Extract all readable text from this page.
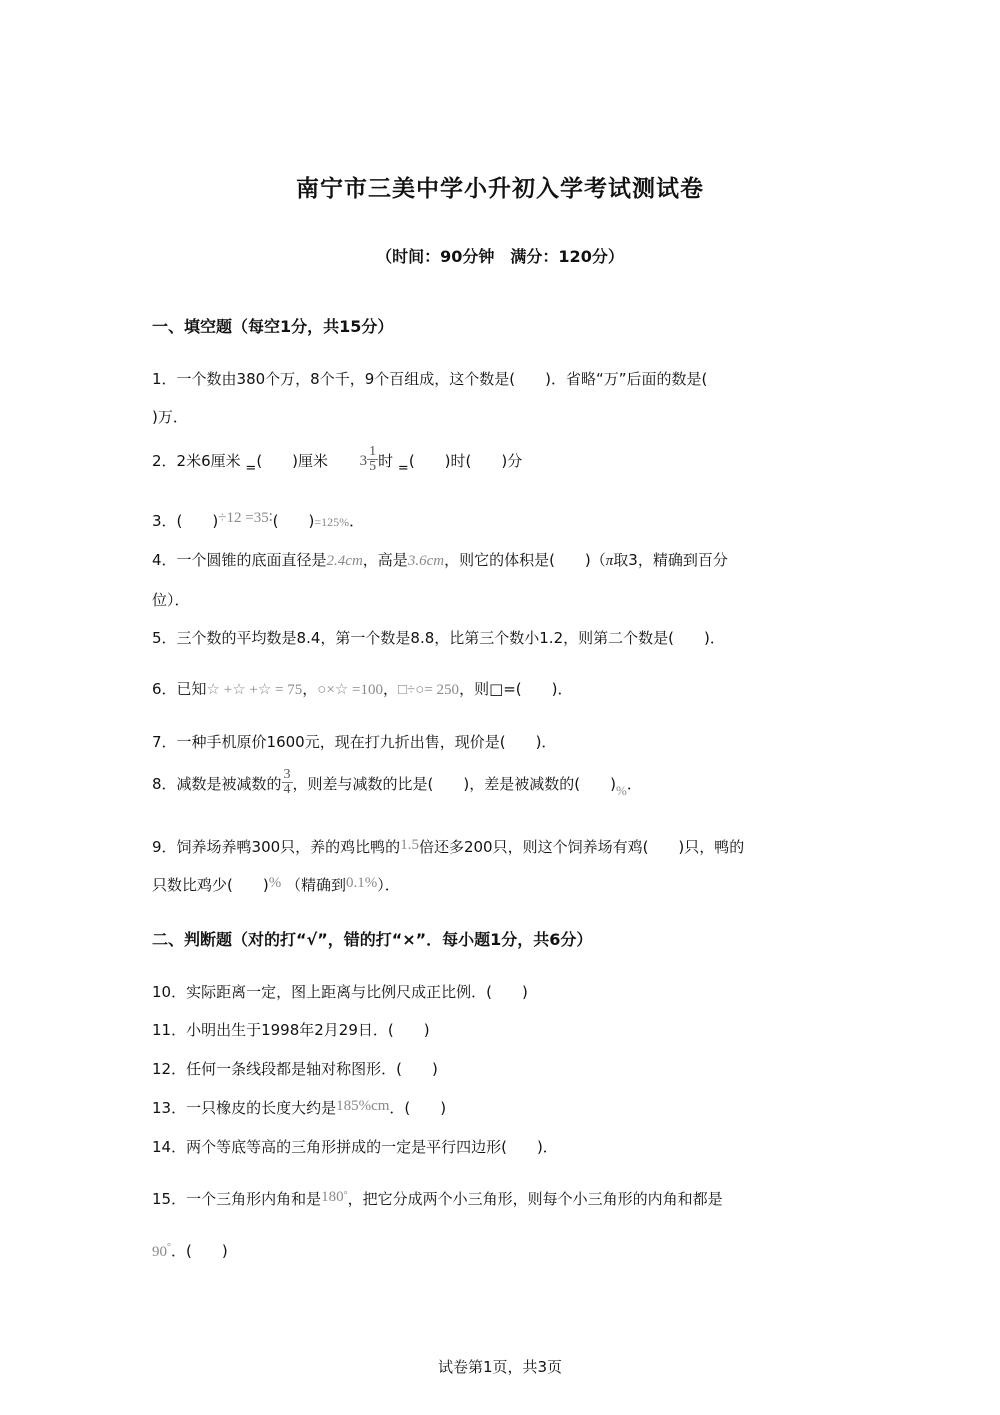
南宁市三美中学小升初入学考试测试卷
（时间：90分钟　满分：120分）
一、填空题（每空1分，共15分）
1．一个数由380个万，8个千，9个百组成，这个数是(　　)．省略“万”后面的数是(
)万．
2．2米6厘米 =(　　)厘米 $3 \frac{1}{5}$ 时 =(　　)时(　　)分
3．(　　)÷12 =35∶(　　)=125%．
4．一个圆锥的底面直径是2.4cm，高是3.6cm，则它的体积是(　　)（π取3，精确到百分
位）．
5．三个数的平均数是8.4，第一个数是8.8，比第三个数小1.2，则第二个数是(　　)．
6．已知☆ +☆ +☆ = 75，○×☆ =100，□÷○= 250，则□=(　　)．
7．一种手机原价1600元，现在打九折出售，现价是(　　)．
8．减数是被减数的 $\frac{3}{4}$ ，则差与减数的比是(　　)，差是被减数的(　　)%．
9．饲养场养鸭300只，养的鸡比鸭的1.5倍还多200只，则这个饲养场有鸡(　　)只，鸭的
只数比鸡少(　　)% （精确到0.1%）．
二、判断题（对的打“√”，错的打“×”．每小题1分，共6分）
10．实际距离一定，图上距离与比例尺成正比例．(　　)
11．小明出生于1998年2月29日．(　　)
12．任何一条线段都是轴对称图形．(　　)
13．一只橡皮的长度大约是185%cm．(　　)
14．两个等底等高的三角形拼成的一定是平行四边形(　　)．
15．一个三角形内角和是180°，把它分成两个小三角形，则每个小三角形的内角和都是
90°．(　　)
试卷第1页，共3页
